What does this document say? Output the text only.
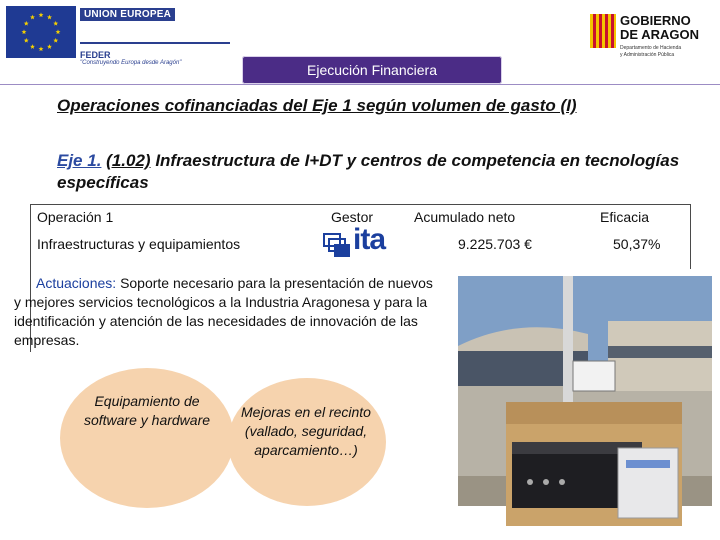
UNION EUROPEA
FEDER
"Construyendo Europa desde Aragón"
GOBIERNO
DE ARAGON
Departamento de Hacienda
y Administración Pública
Ejecución Financiera
Operaciones cofinanciadas del Eje 1 según volumen de gasto (I)
Eje 1. (1.02) Infraestructura de I+DT y centros de competencia en tecnologías específicas
Operación 1	Gestor	Acumulado neto	Eficacia
Infraestructuras y equipamientos	ita	9.225.703 €	50,37%
Actuaciones: Soporte necesario para la presentación de nuevos y mejores servicios tecnológicos a la Industria Aragonesa y para la identificación y atención de las necesidades de innovación de las empresas.
Equipamiento de software y hardware	Mejoras en el recinto (vallado, seguridad, aparcamiento…)
